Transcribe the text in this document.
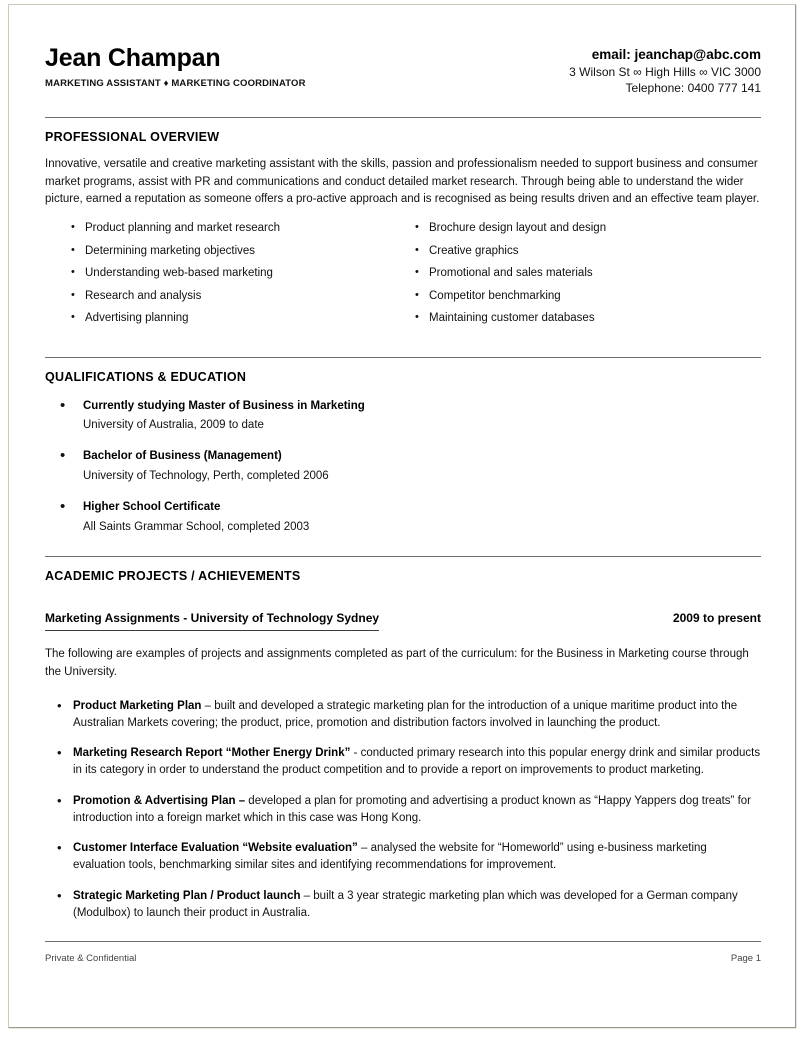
Jean Champan
MARKETING ASSISTANT ♦ MARKETING COORDINATOR
email: jeanchap@abc.com
3 Wilson St ∞ High Hills ∞ VIC 3000
Telephone: 0400 777 141
PROFESSIONAL OVERVIEW
Innovative, versatile and creative marketing assistant with the skills, passion and professionalism needed to support business and consumer market programs, assist with PR and communications and conduct detailed market research. Through being able to understand the wider picture, earned a reputation as someone offers a pro-active approach and is recognised as being results driven and an effective team player.
• Product planning and market research
• Determining marketing objectives
• Understanding web-based marketing
• Research and analysis
• Advertising planning
• Brochure design layout and design
• Creative graphics
• Promotional and sales materials
• Competitor benchmarking
• Maintaining customer databases
QUALIFICATIONS & EDUCATION
• Currently studying Master of Business in Marketing
University of Australia, 2009 to date
• Bachelor of Business (Management)
University of Technology, Perth, completed 2006
• Higher School Certificate
All Saints Grammar School, completed 2003
ACADEMIC PROJECTS / ACHIEVEMENTS
Marketing Assignments - University of Technology Sydney	2009 to present
The following are examples of projects and assignments completed as part of the curriculum: for the Business in Marketing course through the University.
• Product Marketing Plan – built and developed a strategic marketing plan for the introduction of a unique maritime product into the Australian Markets covering; the product, price, promotion and distribution factors involved in launching the product.
• Marketing Research Report “Mother Energy Drink” - conducted primary research into this popular energy drink and similar products in its category in order to understand the product competition and to provide a report on improvements to product marketing.
• Promotion & Advertising Plan – developed a plan for promoting and advertising a product known as “Happy Yappers dog treats” for introduction into a foreign market which in this case was Hong Kong.
• Customer Interface Evaluation “Website evaluation” – analysed the website for “Homeworld” using e-business marketing evaluation tools, benchmarking similar sites and identifying recommendations for improvement.
• Strategic Marketing Plan / Product launch – built a 3 year strategic marketing plan which was developed for a German company (Modulbox) to launch their product in Australia.
Private & Confidential	Page 1
